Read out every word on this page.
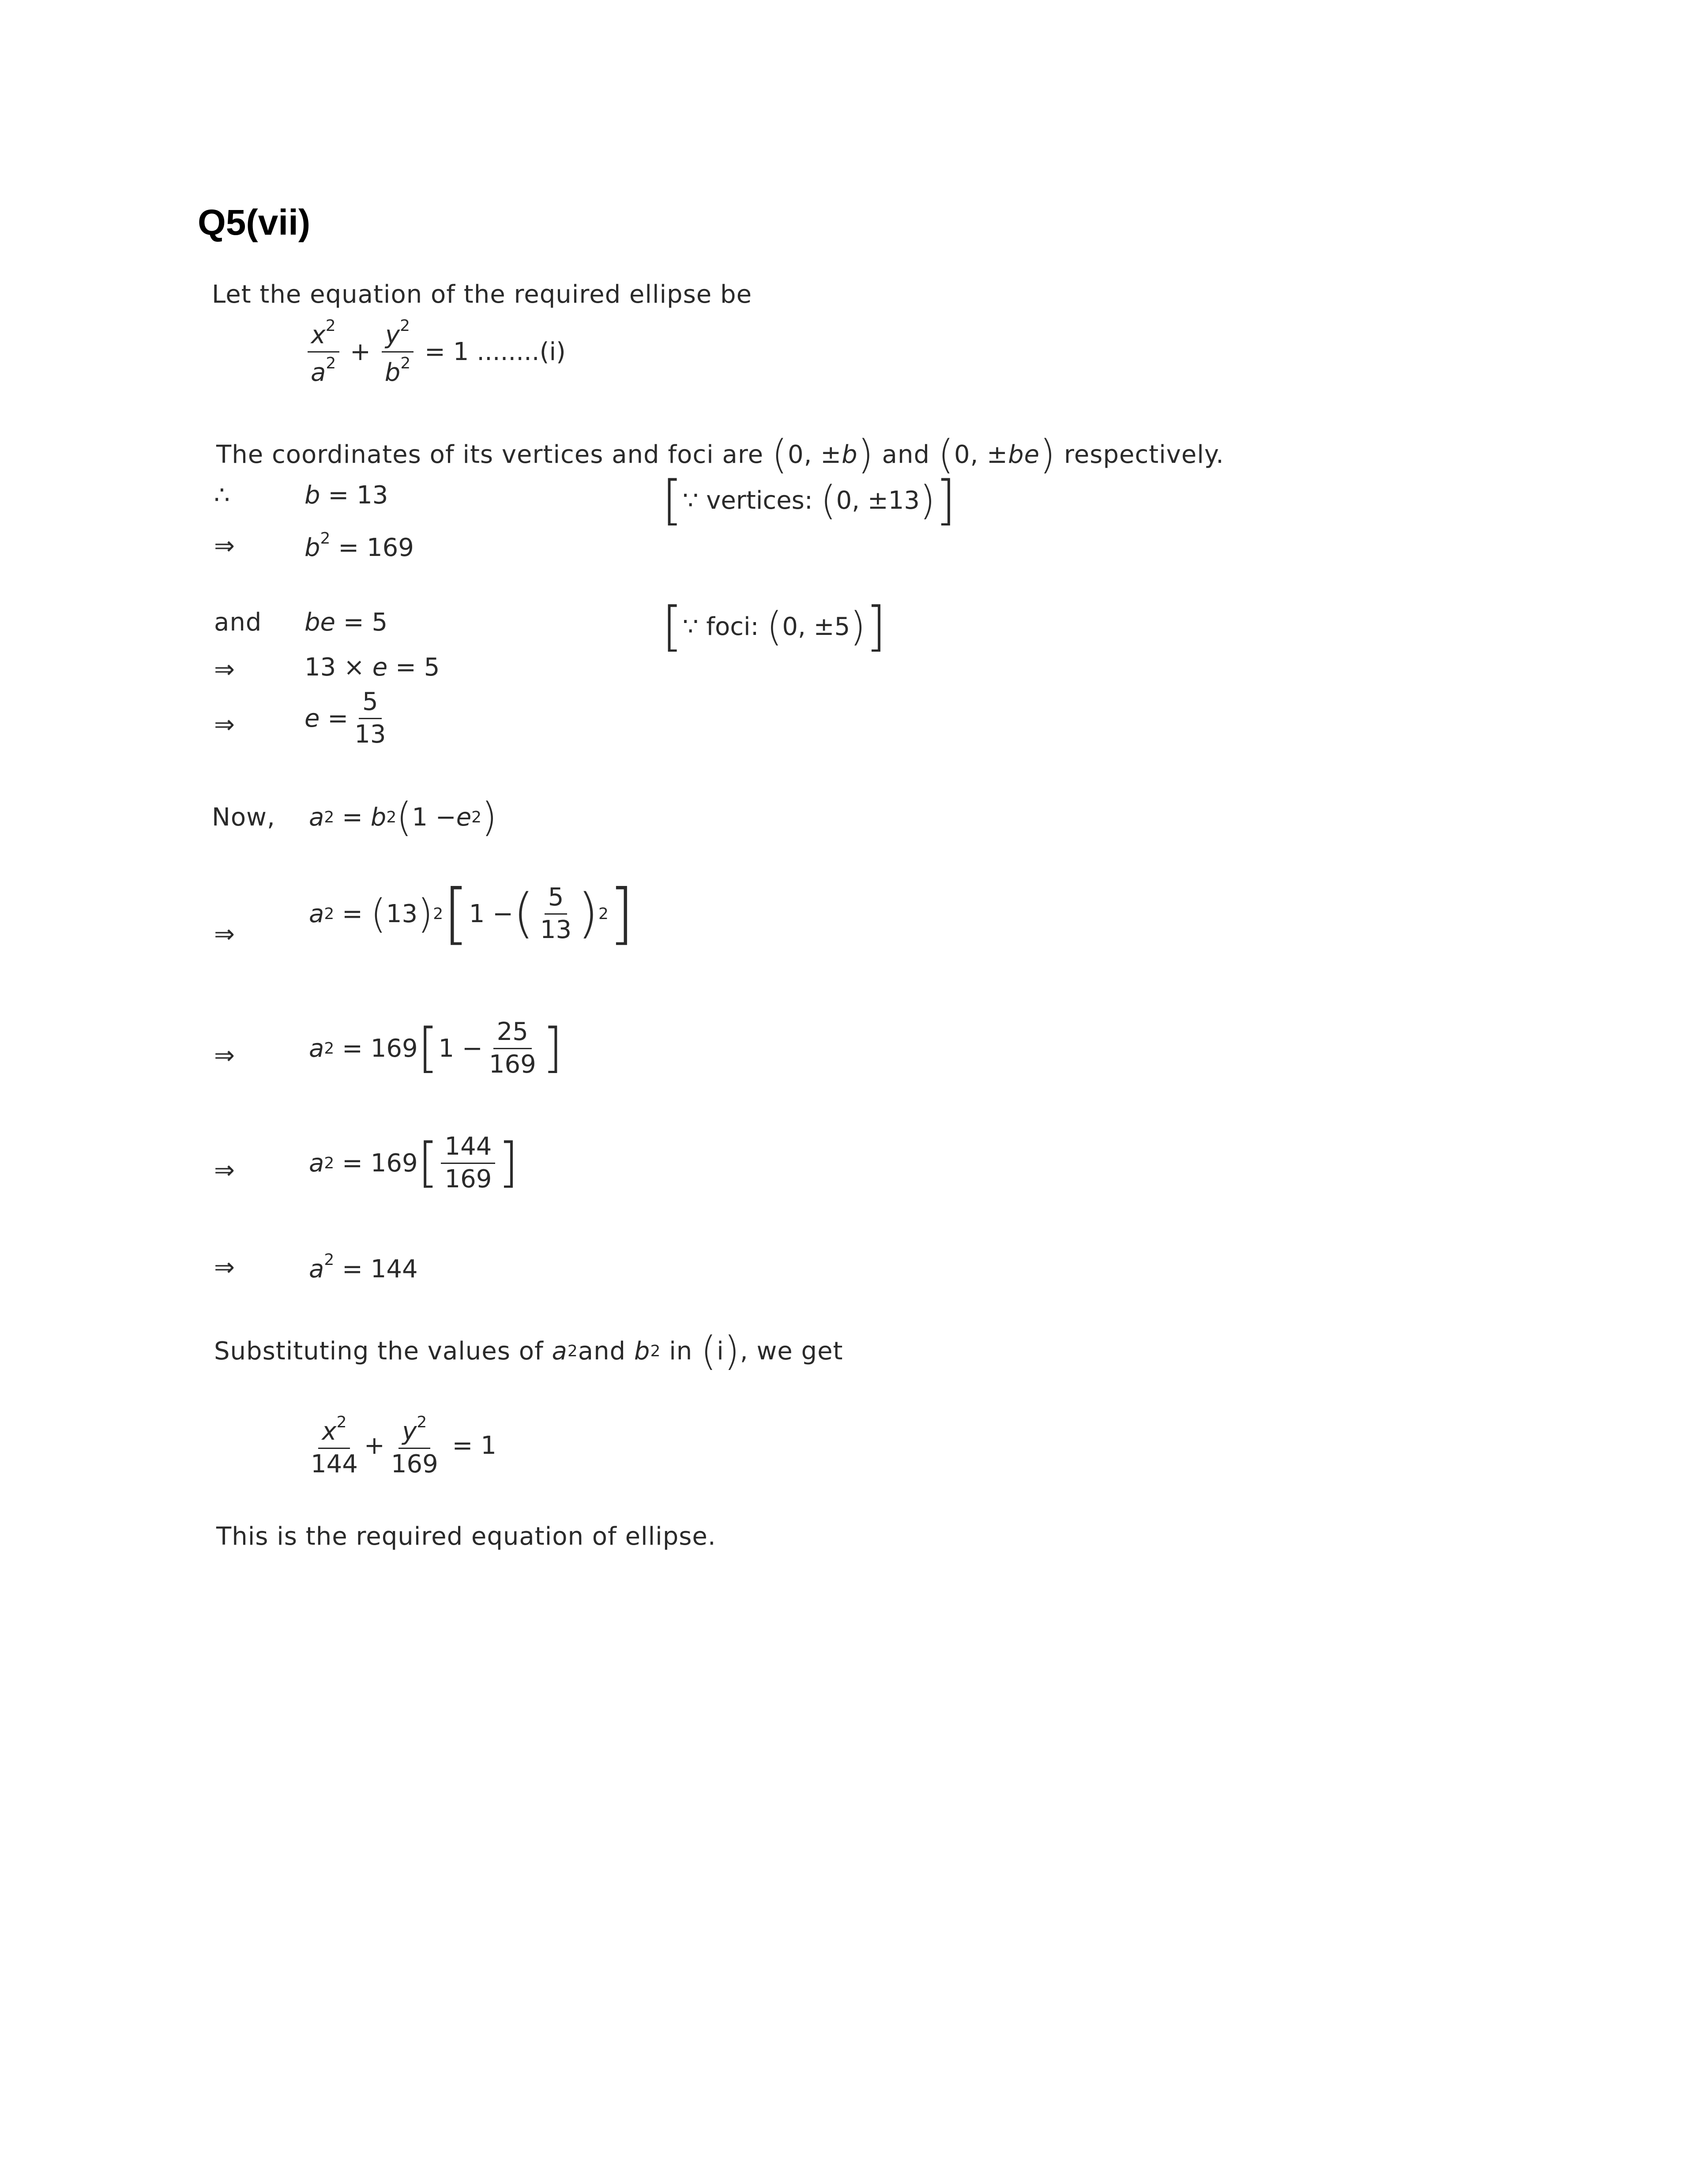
Q5(vii)
Let the equation of the required ellipse be
$\frac{x^2}{a^2} + \frac{y^2}{b^2} = 1$ ........(i)
The coordinates of its vertices and foci are
( 0, ± b )
and
( 0, ± be )
respectively.
∴	b = 13	[ ∵
vertices:
( 0, ±13 ) ]
⇒	$b^2 = 169$
and be = 5	[ ∵
foci:
( 0, ±5 ) ]
⇒	13 × e = 5
⇒	$e = \frac{5}{13}$
Now, a 2 = b 2 ( 1 − e 2 )
⇒
a 2 = ( 13 ) 2 [ 1 − ( $\frac{5}{13}$ ) 2 ]
⇒	a 2 = 169 [ $1 - \frac{25}{169}$ ]
⇒	a 2 = 169 [ $\frac{144}{169}$ ]
⇒	$a^2 = 144$
Substituting the values of
a 2 and
b 2
in
( i ) , we get
$\frac{x^2}{144} + \frac{y^2}{169} = 1$
This is the required equation of ellipse.
